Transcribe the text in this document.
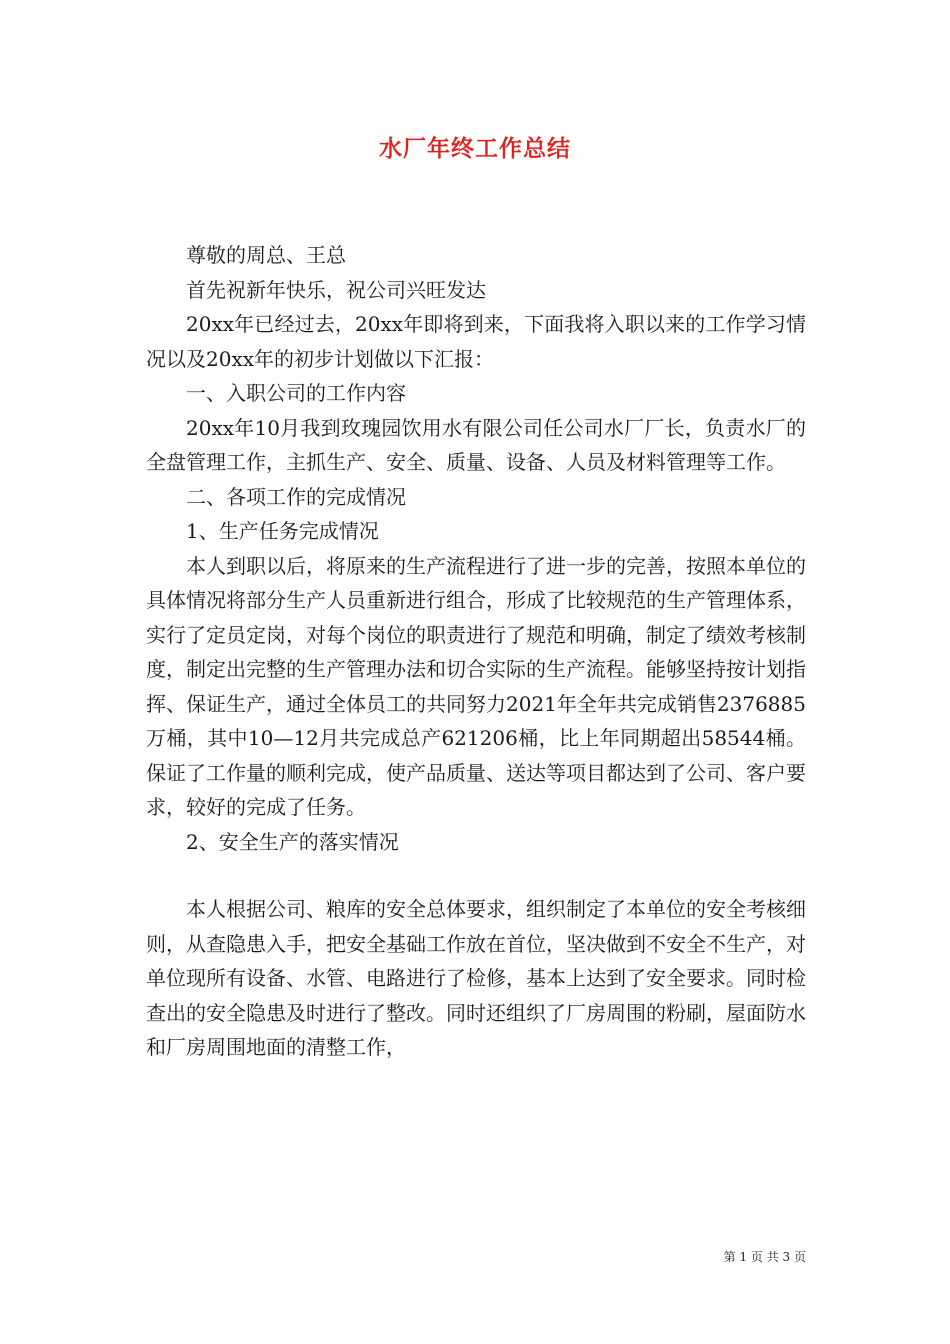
水厂年终工作总结

尊敬的周总、王总

首先祝新年快乐，祝公司兴旺发达

20xx年已经过去，20xx年即将到来，下面我将入职以来的工作学习情况以及20xx年的初步计划做以下汇报：

一、入职公司的工作内容

20xx年10月我到玫瑰园饮用水有限公司任公司水厂厂长，负责水厂的全盘管理工作，主抓生产、安全、质量、设备、人员及材料管理等工作。

二、各项工作的完成情况

1、生产任务完成情况

本人到职以后，将原来的生产流程进行了进一步的完善，按照本单位的具体情况将部分生产人员重新进行组合，形成了比较规范的生产管理体系，实行了定员定岗，对每个岗位的职责进行了规范和明确，制定了绩效考核制度，制定出完整的生产管理办法和切合实际的生产流程。能够坚持按计划指挥、保证生产，通过全体员工的共同努力2021年全年共完成销售2376885万桶，其中10—12月共完成总产621206桶，比上年同期超出58544桶。保证了工作量的顺利完成，使产品质量、送达等项目都达到了公司、客户要求，较好的完成了任务。

2、安全生产的落实情况

本人根据公司、粮库的安全总体要求，组织制定了本单位的安全考核细则，从查隐患入手，把安全基础工作放在首位，坚决做到不安全不生产，对单位现所有设备、水管、电路进行了检修，基本上达到了安全要求。同时检查出的安全隐患及时进行了整改。同时还组织了厂房周围的粉刷，屋面防水和厂房周围地面的清整工作，

第 1 页 共 3 页
